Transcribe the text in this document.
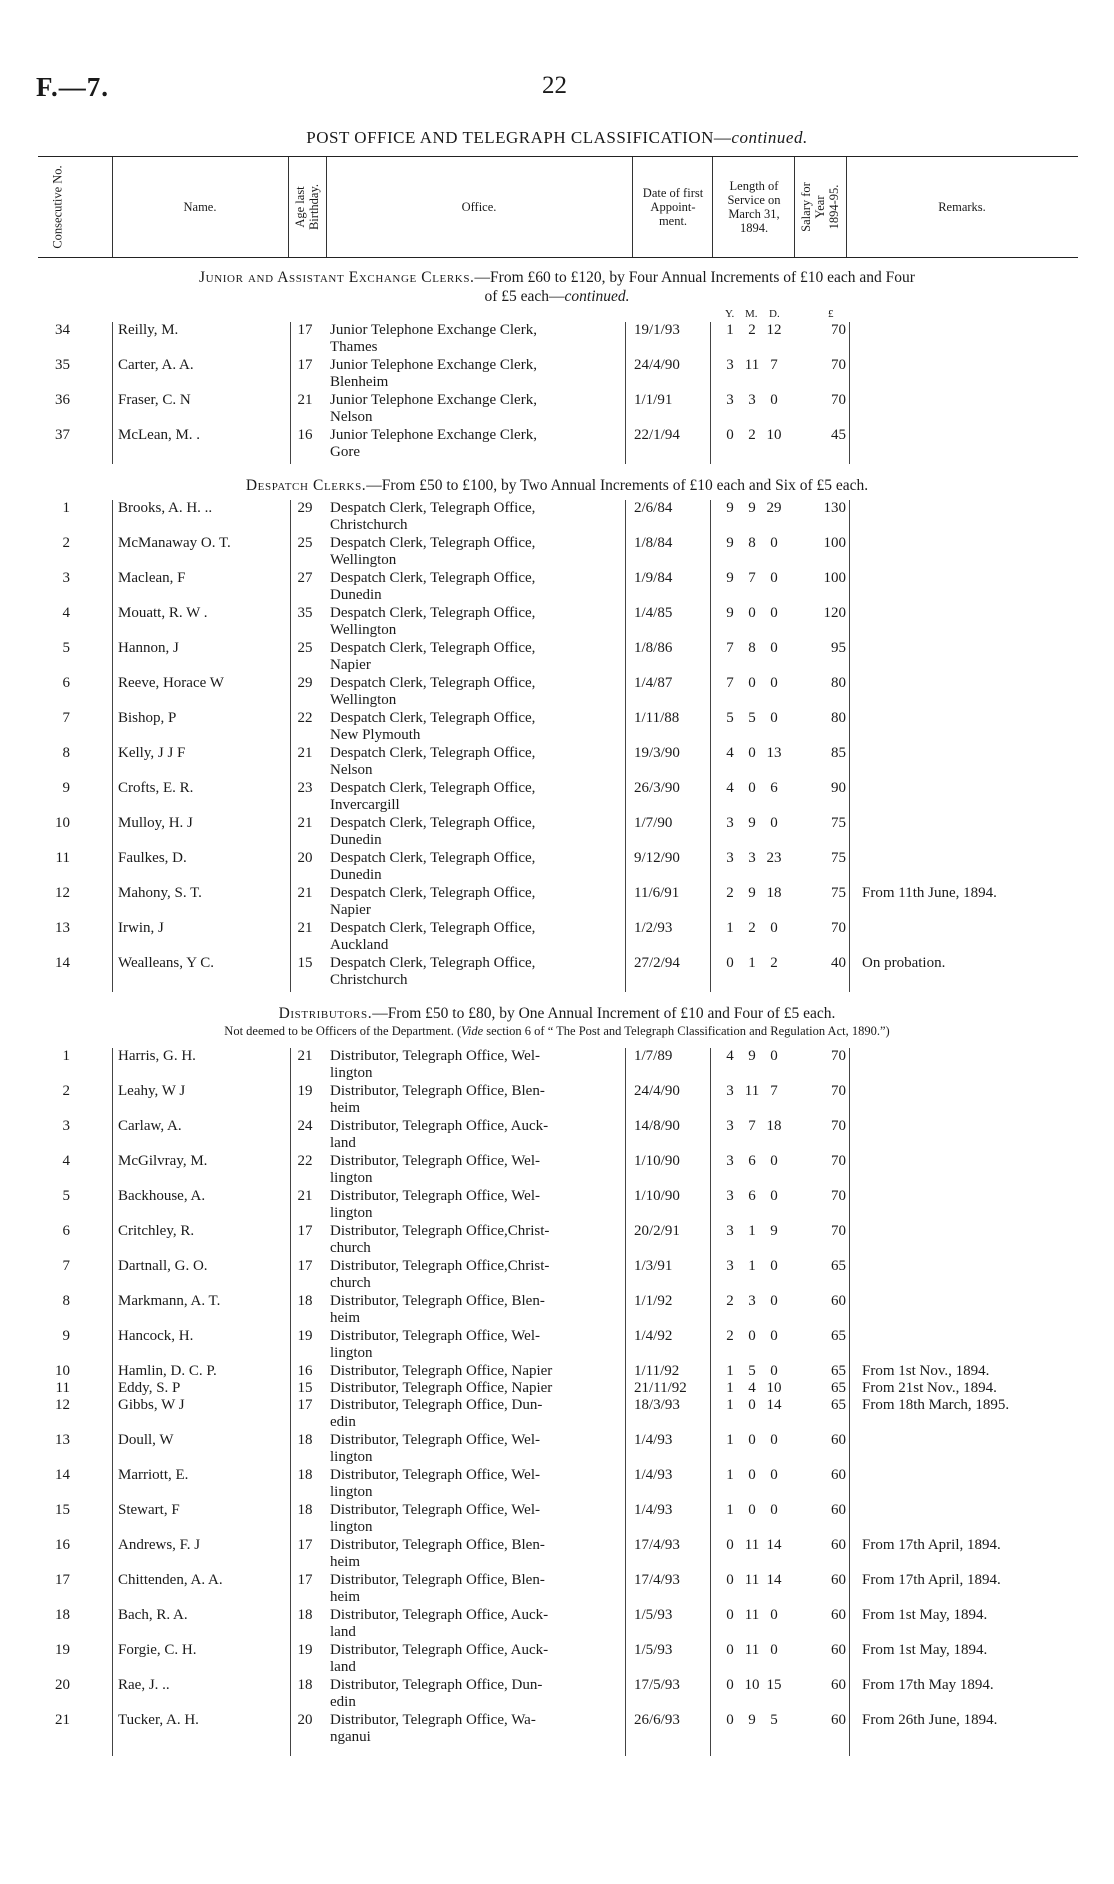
F.—7.	22
POST OFFICE AND TELEGRAPH CLASSIFICATION—continued.
Consecutive No.	Name.	Age last Birthday.	Office.
Date of first Appoint-ment.
Length of Service on March 31, 1894.	Salary for Year 1894-95.	Remarks.
Junior and Assistant Exchange Clerks.—From £60 to £120, by Four Annual Increments of £10 each and Four
of £5 each—continued.
Y. M. D.	£
34	Reilly, M.	17	Junior Telephone Exchange Clerk,
Thames
19/1/93	1 2 12	70
35	Carter, A. A.	17	Junior Telephone Exchange Clerk,
Blenheim
24/4/90	3 11 7	70
36	Fraser, C. N	21	Junior Telephone Exchange Clerk,
Nelson
1/1/91	3 3 0	70
37	McLean, M. .	16	Junior Telephone Exchange Clerk,
Gore
22/1/94	0 2 10	45
Despatch Clerks.—From £50 to £100, by Two Annual Increments of £10 each and Six of £5 each.
1	Brooks, A. H. ..	29	Despatch Clerk, Telegraph Office,
Christchurch
2/6/84	9 9 29	130
2	McManaway O. T.	25	Despatch Clerk, Telegraph Office,
Wellington
1/8/84	9 8 0	100
3	Maclean, F	27	Despatch Clerk, Telegraph Office,
Dunedin
1/9/84	9 7 0	100
4	Mouatt, R. W .	35	Despatch Clerk, Telegraph Office,
Wellington
1/4/85	9 0 0	120
5	Hannon, J	25	Despatch Clerk, Telegraph Office,
Napier
1/8/86	7 8 0	95
6	Reeve, Horace W	29	Despatch Clerk, Telegraph Office,
Wellington
1/4/87	7 0 0	80
7	Bishop, P	22	Despatch Clerk, Telegraph Office,
New Plymouth
1/11/88	5 5 0	80
8	Kelly, J J F	21	Despatch Clerk, Telegraph Office,
Nelson
19/3/90	4 0 13	85
9	Crofts, E. R.	23	Despatch Clerk, Telegraph Office,
Invercargill
26/3/90	4 0 6	90
10	Mulloy, H. J	21	Despatch Clerk, Telegraph Office,
Dunedin
1/7/90	3 9 0	75
11	Faulkes, D.	20	Despatch Clerk, Telegraph Office,
Dunedin
9/12/90	3 3 23	75
12	Mahony, S. T.	21	Despatch Clerk, Telegraph Office,
Napier
11/6/91	2 9 18	75 From 11th June, 1894.
13	Irwin, J	21	Despatch Clerk, Telegraph Office,
Auckland
1/2/93	1 2 0	70
14	Wealleans, Y C.	15	Despatch Clerk, Telegraph Office,
Christchurch
27/2/94	0 1 2	40 On probation.
Distributors.—From £50 to £80, by One Annual Increment of £10 and Four of £5 each.
Not deemed to be Officers of the Department. (Vide section 6 of “ The Post and Telegraph Classification and Regulation Act, 1890.”)
1	Harris, G. H.	21	Distributor, Telegraph Office, Wel-
lington
1/7/89	4 9 0	70
2	Leahy, W J	19	Distributor, Telegraph Office, Blen-
heim
24/4/90	3 11 7	70
3	Carlaw, A.	24	Distributor, Telegraph Office, Auck-
land
14/8/90	3 7 18	70
4	McGilvray, M.	22	Distributor, Telegraph Office, Wel-
lington
1/10/90	3 6 0	70
5	Backhouse, A.	21	Distributor, Telegraph Office, Wel-
lington
1/10/90	3 6 0	70
6	Critchley, R.	17	Distributor, Telegraph Office,Christ-
church
20/2/91	3 1 9	70
7	Dartnall, G. O.	17	Distributor, Telegraph Office,Christ-
church
1/3/91	3 1 0	65
8	Markmann, A. T.	18	Distributor, Telegraph Office, Blen-
heim
1/1/92	2 3 0	60
9	Hancock, H.	19	Distributor, Telegraph Office, Wel-
lington
1/4/92	2 0 0	65
10	Hamlin, D. C. P.	16	Distributor, Telegraph Office, Napier	1/11/92	1 5 0	65 From 1st Nov., 1894.
11	Eddy, S. P	15	Distributor, Telegraph Office, Napier	21/11/92	1 4 10	65 From 21st Nov., 1894.
12	Gibbs, W J	17	Distributor, Telegraph Office, Dun-
edin
18/3/93	1 0 14	65 From 18th March, 1895.
13	Doull, W	18	Distributor, Telegraph Office, Wel-
lington
1/4/93	1 0 0	60
14	Marriott, E.	18	Distributor, Telegraph Office, Wel-
lington
1/4/93	1 0 0	60
15	Stewart, F	18	Distributor, Telegraph Office, Wel-
lington
1/4/93	1 0 0	60
16	Andrews, F. J	17	Distributor, Telegraph Office, Blen-
heim
17/4/93	0 11 14	60 From 17th April, 1894.
17	Chittenden, A. A.	17	Distributor, Telegraph Office, Blen-
heim
17/4/93	0 11 14	60 From 17th April, 1894.
18	Bach, R. A.	18	Distributor, Telegraph Office, Auck-
land
1/5/93	0 11 0	60 From 1st May, 1894.
19	Forgie, C. H.	19	Distributor, Telegraph Office, Auck-
land
1/5/93	0 11 0	60 From 1st May, 1894.
20	Rae, J. ..	18	Distributor, Telegraph Office, Dun-
edin
17/5/93	0 10 15	60 From 17th May 1894.
21	Tucker, A. H.	20	Distributor, Telegraph Office, Wa-
nganui
26/6/93	0 9 5	60 From 26th June, 1894.
